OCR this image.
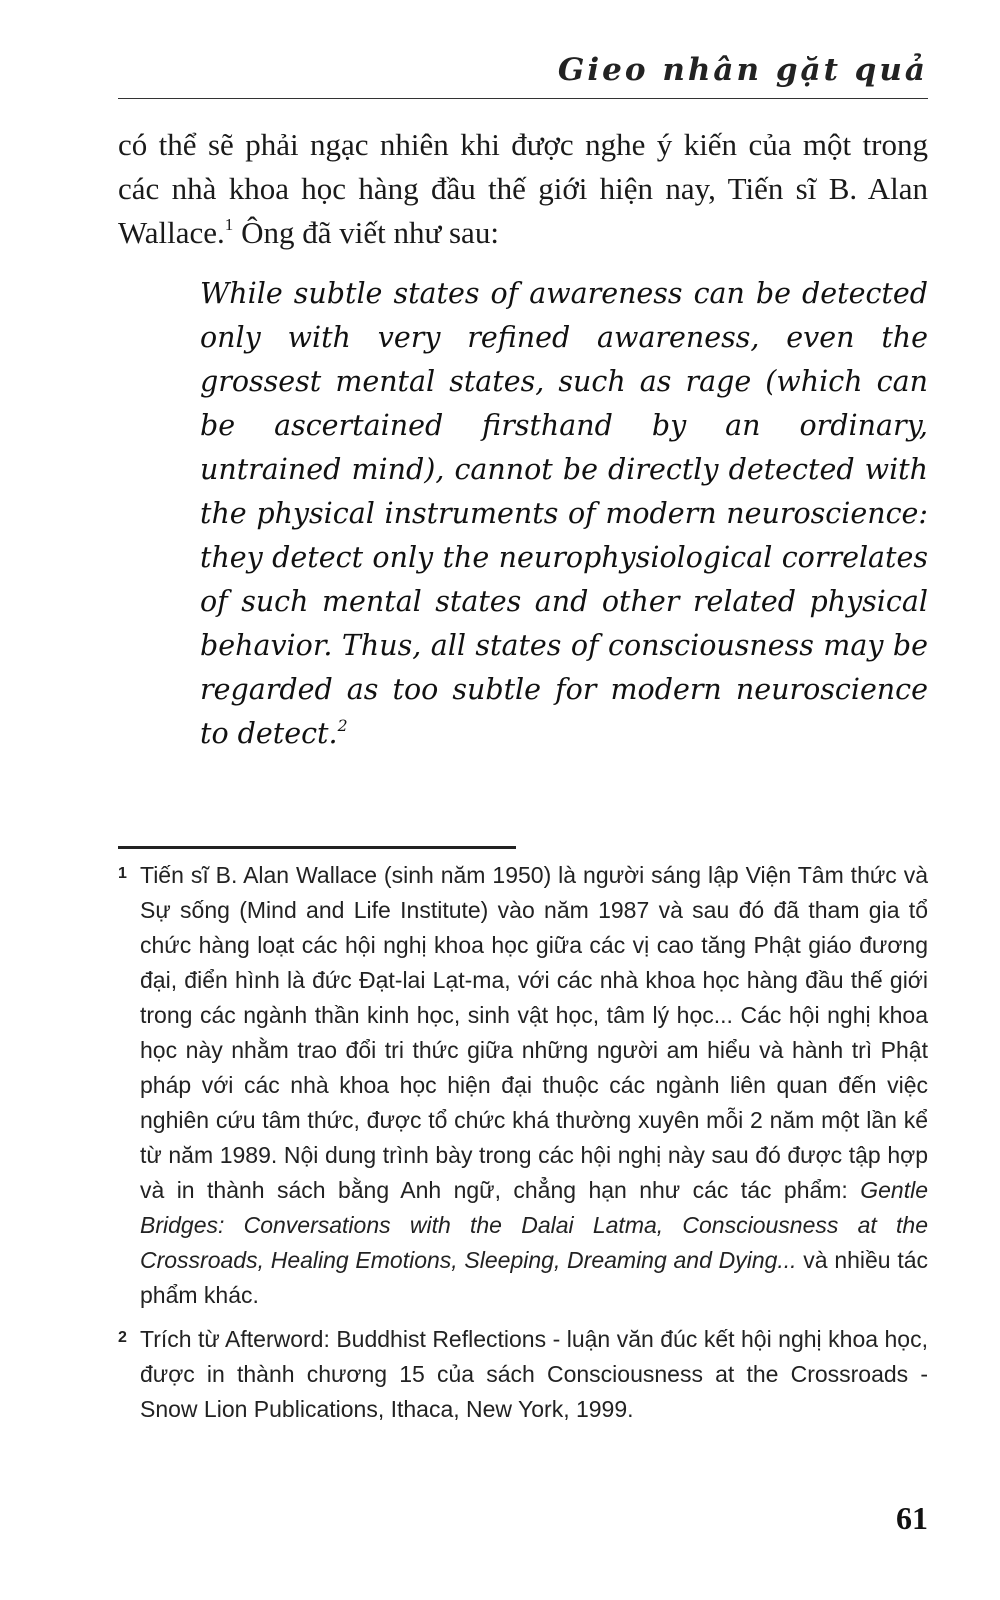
Gieo nhân gặt quả

có thể sẽ phải ngạc nhiên khi được nghe ý kiến của một trong các nhà khoa học hàng đầu thế giới hiện nay, Tiến sĩ B. Alan Wallace.$^1$ Ông đã viết như sau:

While subtle states of awareness can be detected only with very refined awareness, even the grossest mental states, such as rage (which can be ascertained firsthand by an ordinary, untrained mind), cannot be directly detected with the physical instruments of modern neuroscience: they detect only the neurophysiological correlates of such mental states and other related physical behavior. Thus, all states of consciousness may be regarded as too subtle for modern neuroscience to detect.$^2$

1 Tiến sĩ B. Alan Wallace (sinh năm 1950) là người sáng lập Viện Tâm thức và Sự sống (Mind and Life Institute) vào năm 1987 và sau đó đã tham gia tổ chức hàng loạt các hội nghị khoa học giữa các vị cao tăng Phật giáo đương đại, điển hình là đức Đạt-lai Lạt-ma, với các nhà khoa học hàng đầu thế giới trong các ngành thần kinh học, sinh vật học, tâm lý học... Các hội nghị khoa học này nhằm trao đổi tri thức giữa những người am hiểu và hành trì Phật pháp với các nhà khoa học hiện đại thuộc các ngành liên quan đến việc nghiên cứu tâm thức, được tổ chức khá thường xuyên mỗi 2 năm một lần kể từ năm 1989. Nội dung trình bày trong các hội nghị này sau đó được tập hợp và in thành sách bằng Anh ngữ, chẳng hạn như các tác phẩm: Gentle Bridges: Conversations with the Dalai Latma, Consciousness at the Crossroads, Healing Emotions, Sleeping, Dreaming and Dying... và nhiều tác phẩm khác.

2 Trích từ Afterword: Buddhist Reflections - luận văn đúc kết hội nghị khoa học, được in thành chương 15 của sách Consciousness at the Crossroads - Snow Lion Publications, Ithaca, New York, 1999.

61
